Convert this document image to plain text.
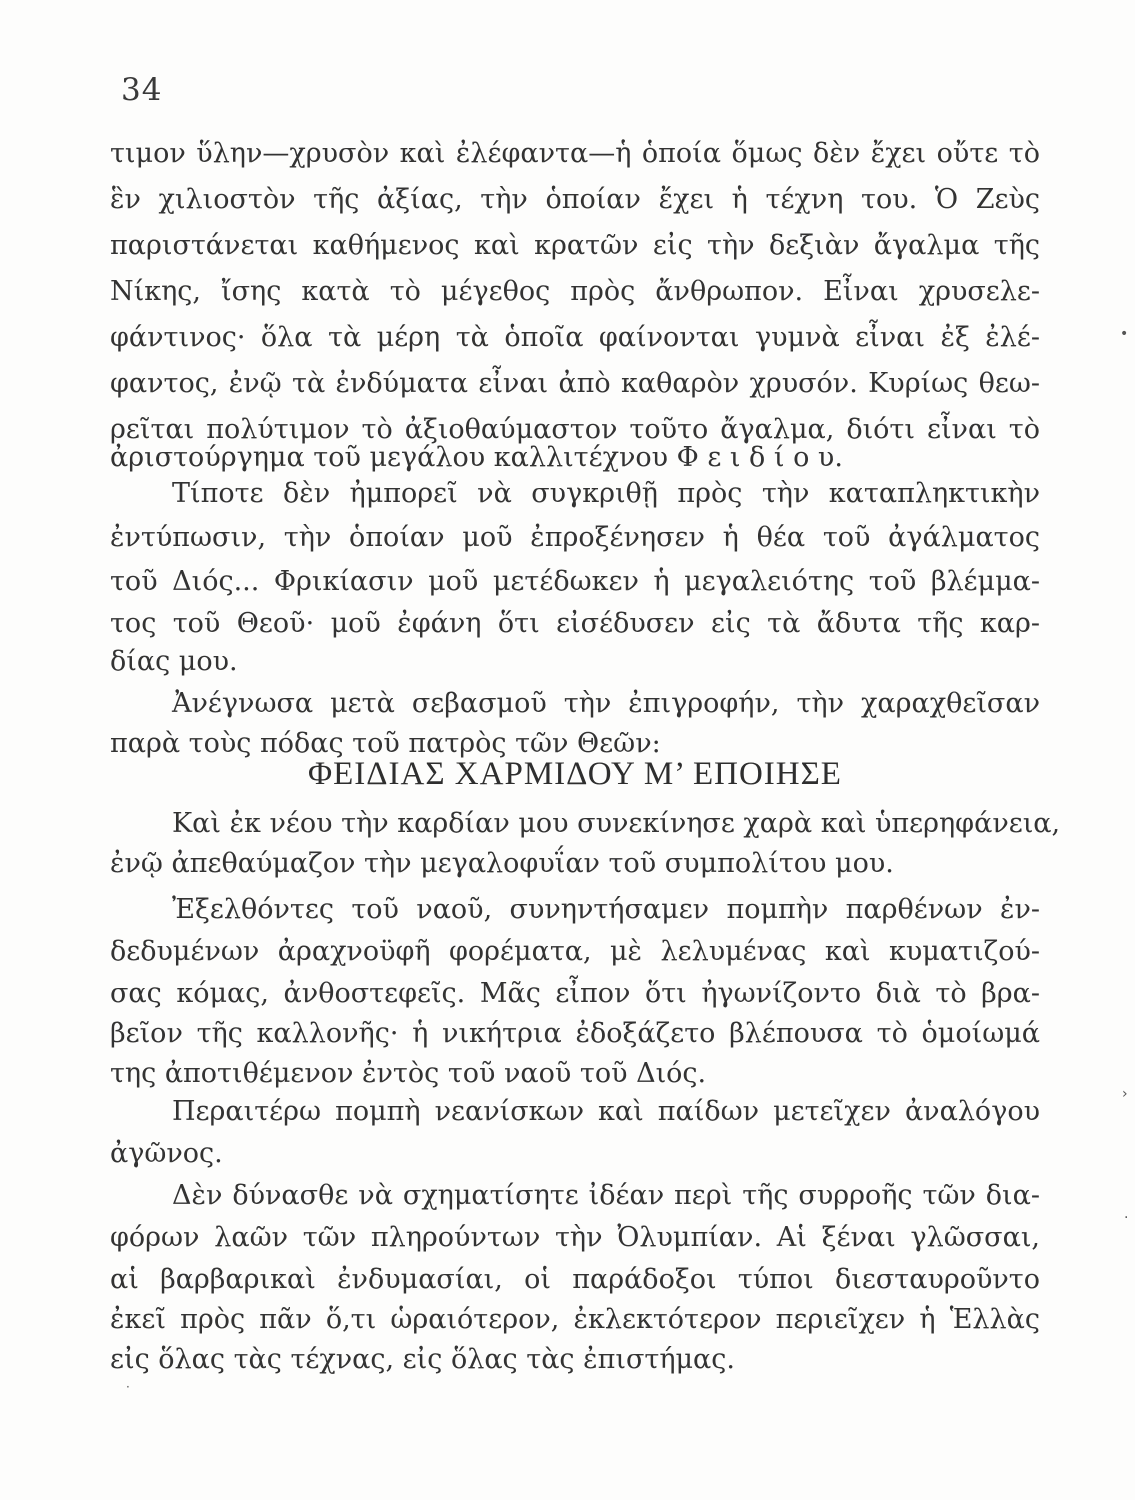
34
τιμον ὕλην—χρυσὸν καὶ ἐλέφαντα—ἡ ὁποία ὅμως δὲν ἔχει οὔτε τὸ
ἓν χιλιοστὸν τῆς ἀξίας, τὴν ὁποίαν ἔχει ἡ τέχνη του. Ὁ Ζεὺς
παριστάνεται καθήμενος καὶ κρατῶν εἰς τὴν δεξιὰν ἄγαλμα τῆς
Νίκης, ἴσης κατὰ τὸ μέγεθος πρὸς ἄνθρωπον. Εἶναι χρυσελε-
φάντινος· ὅλα τὰ μέρη τὰ ὁποῖα φαίνονται γυμνὰ εἶναι ἐξ ἐλέ-
φαντος, ἐνῷ τὰ ἐνδύματα εἶναι ἀπὸ καθαρὸν χρυσόν. Κυρίως θεω-
ρεῖται πολύτιμον τὸ ἀξιοθαύμαστον τοῦτο ἄγαλμα, διότι εἶναι τὸ
ἀριστούργημα τοῦ μεγάλου καλλιτέχνου Φ ε ι δ ί ο υ.
Τίποτε δὲν ἠμπορεῖ νὰ συγκριθῇ πρὸς τὴν καταπληκτικὴν
ἐντύπωσιν, τὴν ὁποίαν μοῦ ἐπροξένησεν ἡ θέα τοῦ ἀγάλματος
τοῦ Διός... Φρικίασιν μοῦ μετέδωκεν ἡ μεγαλειότης τοῦ βλέμμα-
τος τοῦ Θεοῦ· μοῦ ἐφάνη ὅτι εἰσέδυσεν εἰς τὰ ἄδυτα τῆς καρ-
δίας μου.
Ἀνέγνωσα μετὰ σεβασμοῦ τὴν ἐπιγροφήν, τὴν χαραχθεῖσαν
παρὰ τοὺς πόδας τοῦ πατρὸς τῶν Θεῶν:
ΦΕΙΔΙΑΣ ΧΑΡΜΙΔΟΥ Μ’ ΕΠΟΙΗΣΕ
Καὶ ἐκ νέου τὴν καρδίαν μου συνεκίνησε χαρὰ καὶ ὑπερηφάνεια,
ἐνῷ ἀπεθαύμαζον τὴν μεγαλοφυΐαν τοῦ συμπολίτου μου.
Ἐξελθόντες τοῦ ναοῦ, συνηντήσαμεν πομπὴν παρθένων ἐν-
δεδυμένων ἀραχνοϋφῆ φορέματα, μὲ λελυμένας καὶ κυματιζού-
σας κόμας, ἀνθοστεφεῖς. Μᾶς εἶπον ὅτι ἠγωνίζοντο διὰ τὸ βρα-
βεῖον τῆς καλλονῆς· ἡ νικήτρια ἐδοξάζετο βλέπουσα τὸ ὁμοίωμά
της ἀποτιθέμενον ἐντὸς τοῦ ναοῦ τοῦ Διός.
Περαιτέρω πομπὴ νεανίσκων καὶ παίδων μετεῖχεν ἀναλόγου
ἀγῶνος.
Δὲν δύνασθε νὰ σχηματίσητε ἰδέαν περὶ τῆς συρροῆς τῶν δια-
φόρων λαῶν τῶν πληρούντων τὴν Ὀλυμπίαν. Αἱ ξέναι γλῶσσαι,
αἱ βαρβαρικαὶ ἐνδυμασίαι, οἱ παράδοξοι τύποι διεσταυροῦντο
ἐκεῖ πρὸς πᾶν ὅ,τι ὡραιότερον, ἐκλεκτότερον περιεῖχεν ἡ Ἑλλὰς
εἰς ὅλας τὰς τέχνας, εἰς ὅλας τὰς ἐπιστήμας.
•
›
·
·
